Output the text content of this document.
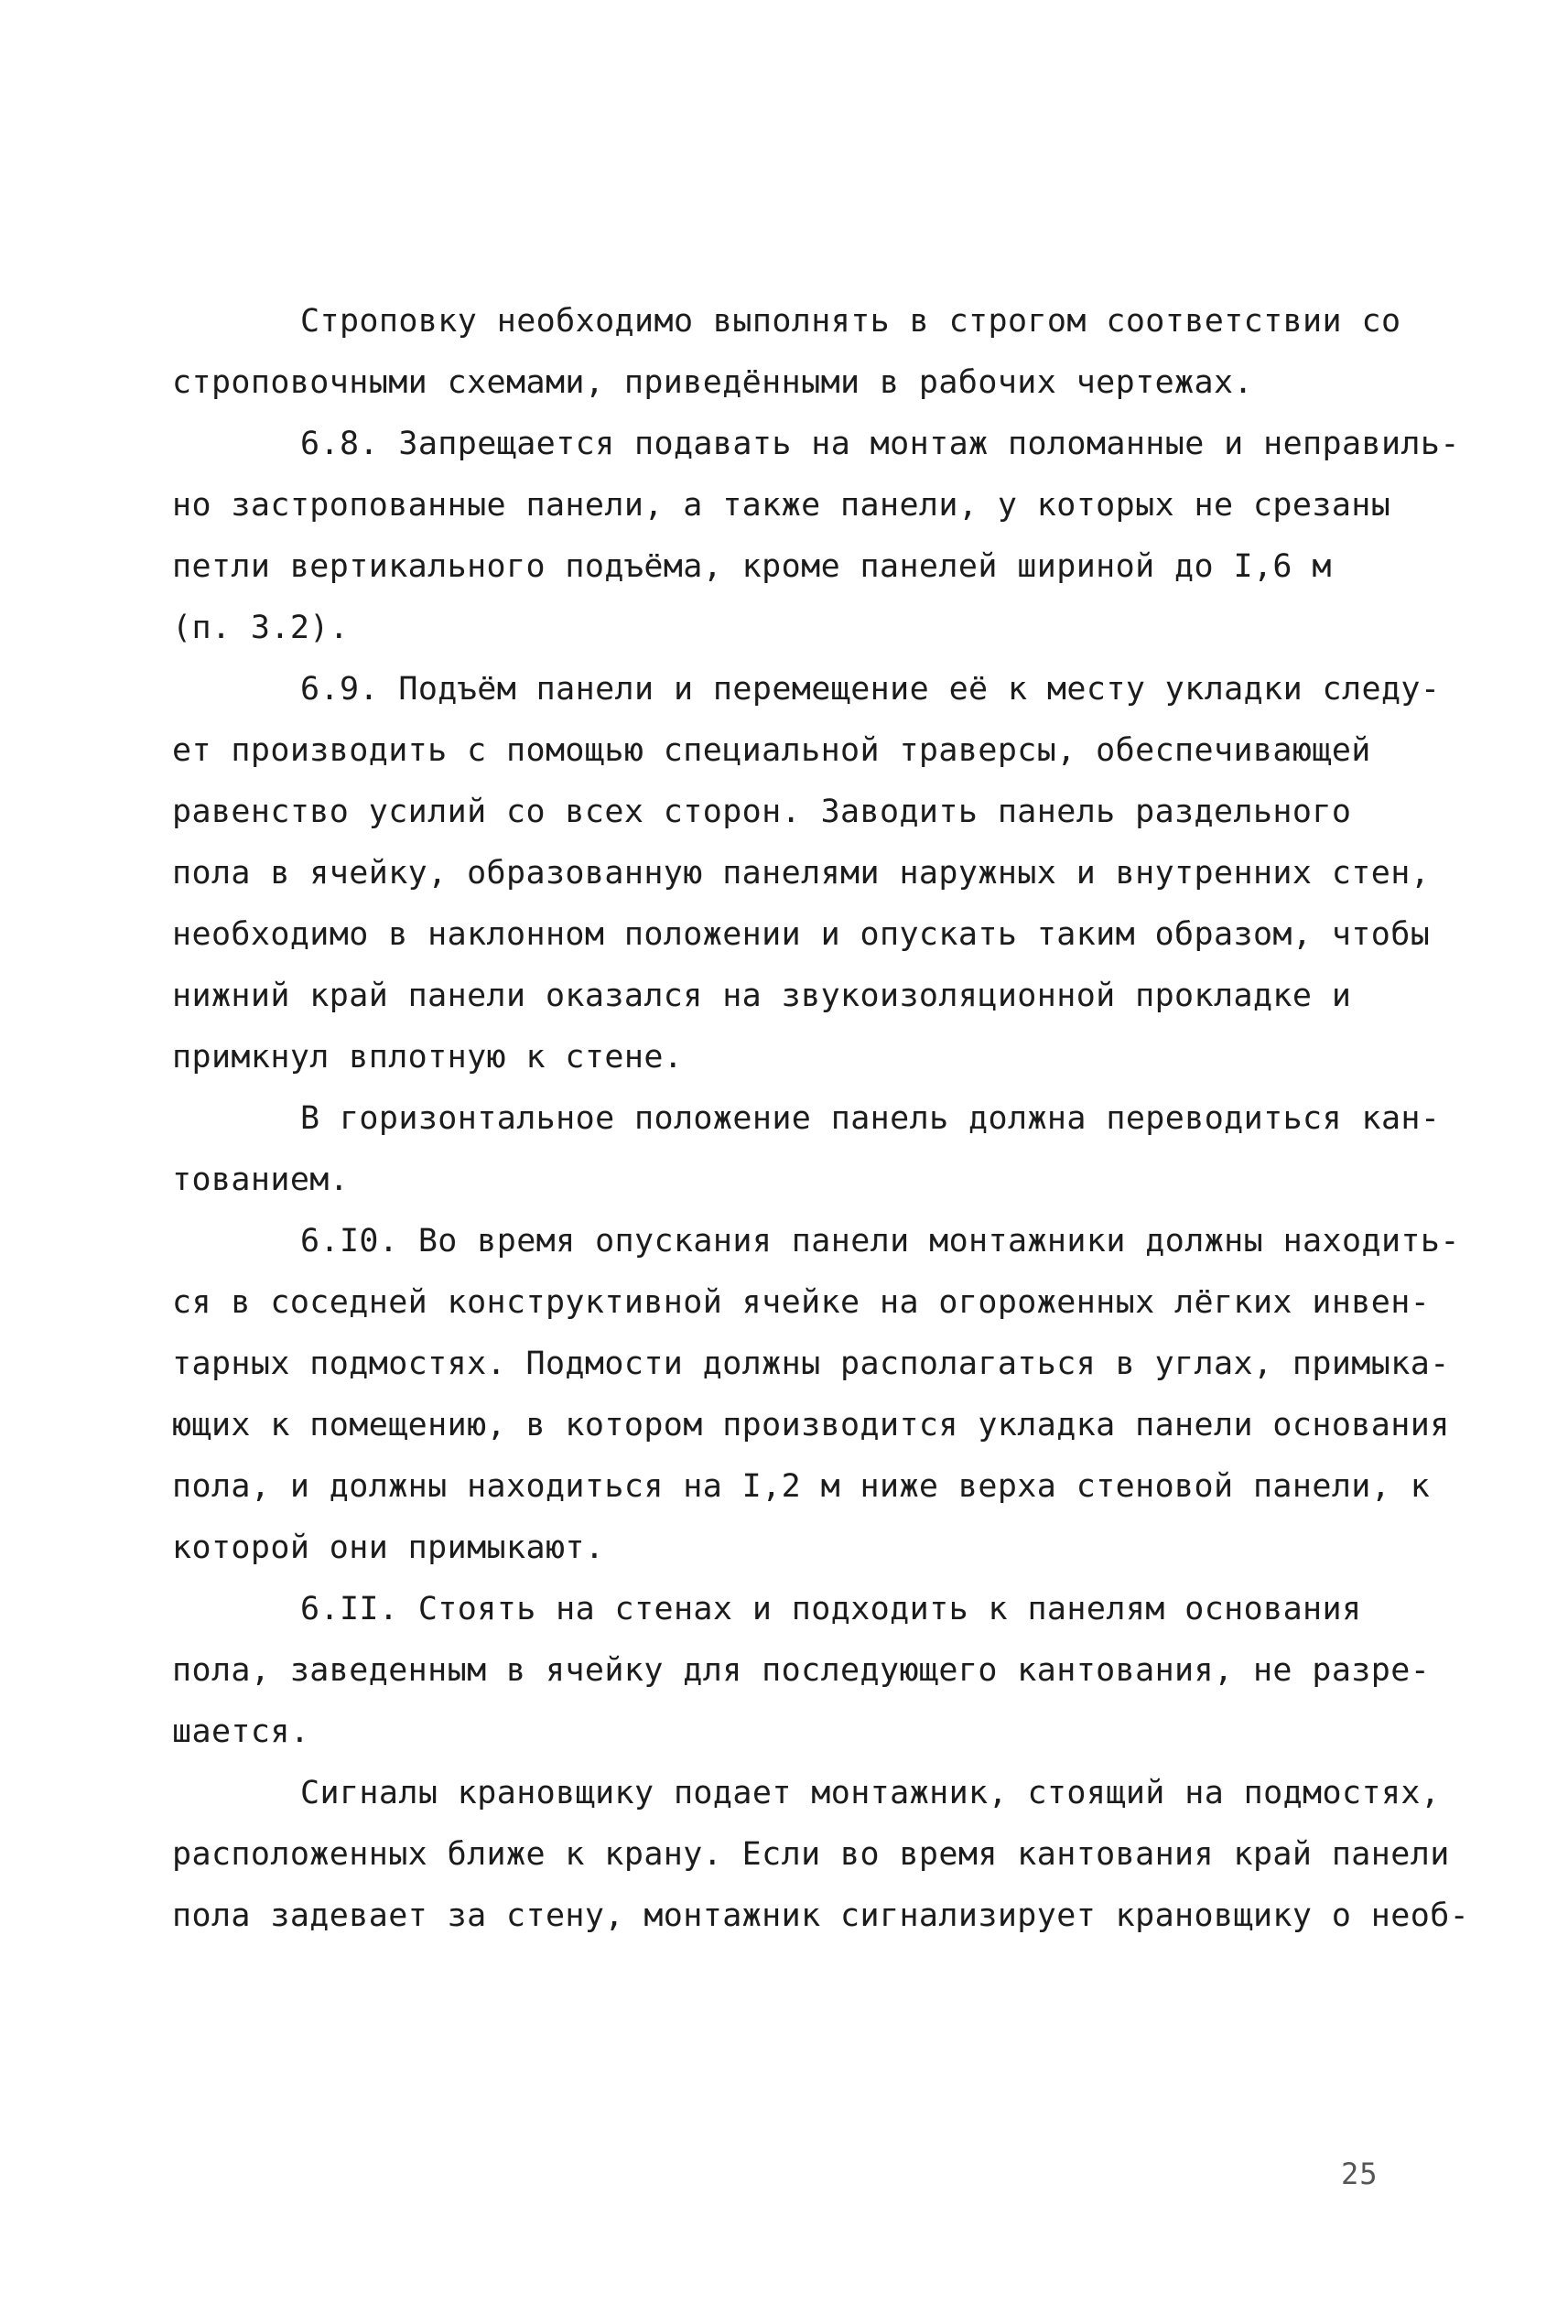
Строповку необходимо выполнять в строгом соответствии со
строповочными схемами, приведёнными в рабочих чертежах.
6.8. Запрещается подавать на монтаж поломанные и неправиль-
но застропованные панели, а также панели, у которых не срезаны
петли вертикального подъёма, кроме панелей шириной до I,6 м
(п. 3.2).
6.9. Подъём панели и перемещение её к месту укладки следу-
ет производить с помощью специальной траверсы, обеспечивающей
равенство усилий со всех сторон. Заводить панель раздельного
пола в ячейку, образованную панелями наружных и внутренних стен,
необходимо в наклонном положении и опускать таким образом, чтобы
нижний край панели оказался на звукоизоляционной прокладке и
примкнул вплотную к стене.
В горизонтальное положение панель должна переводиться кан-
тованием.
6.I0. Во время опускания панели монтажники должны находить-
ся в соседней конструктивной ячейке на огороженных лёгких инвен-
тарных подмостях. Подмости должны располагаться в углах, примыка-
ющих к помещению, в котором производится укладка панели основания
пола, и должны находиться на I,2 м ниже верха стеновой панели, к
которой они примыкают.
6.II. Стоять на стенах и подходить к панелям основания
пола, заведенным в ячейку для последующего кантования, не разре-
шается.
Сигналы крановщику подает монтажник, стоящий на подмостях,
расположенных ближе к крану. Если во время кантования край панели
пола задевает за стену, монтажник сигнализирует крановщику о необ-
25
